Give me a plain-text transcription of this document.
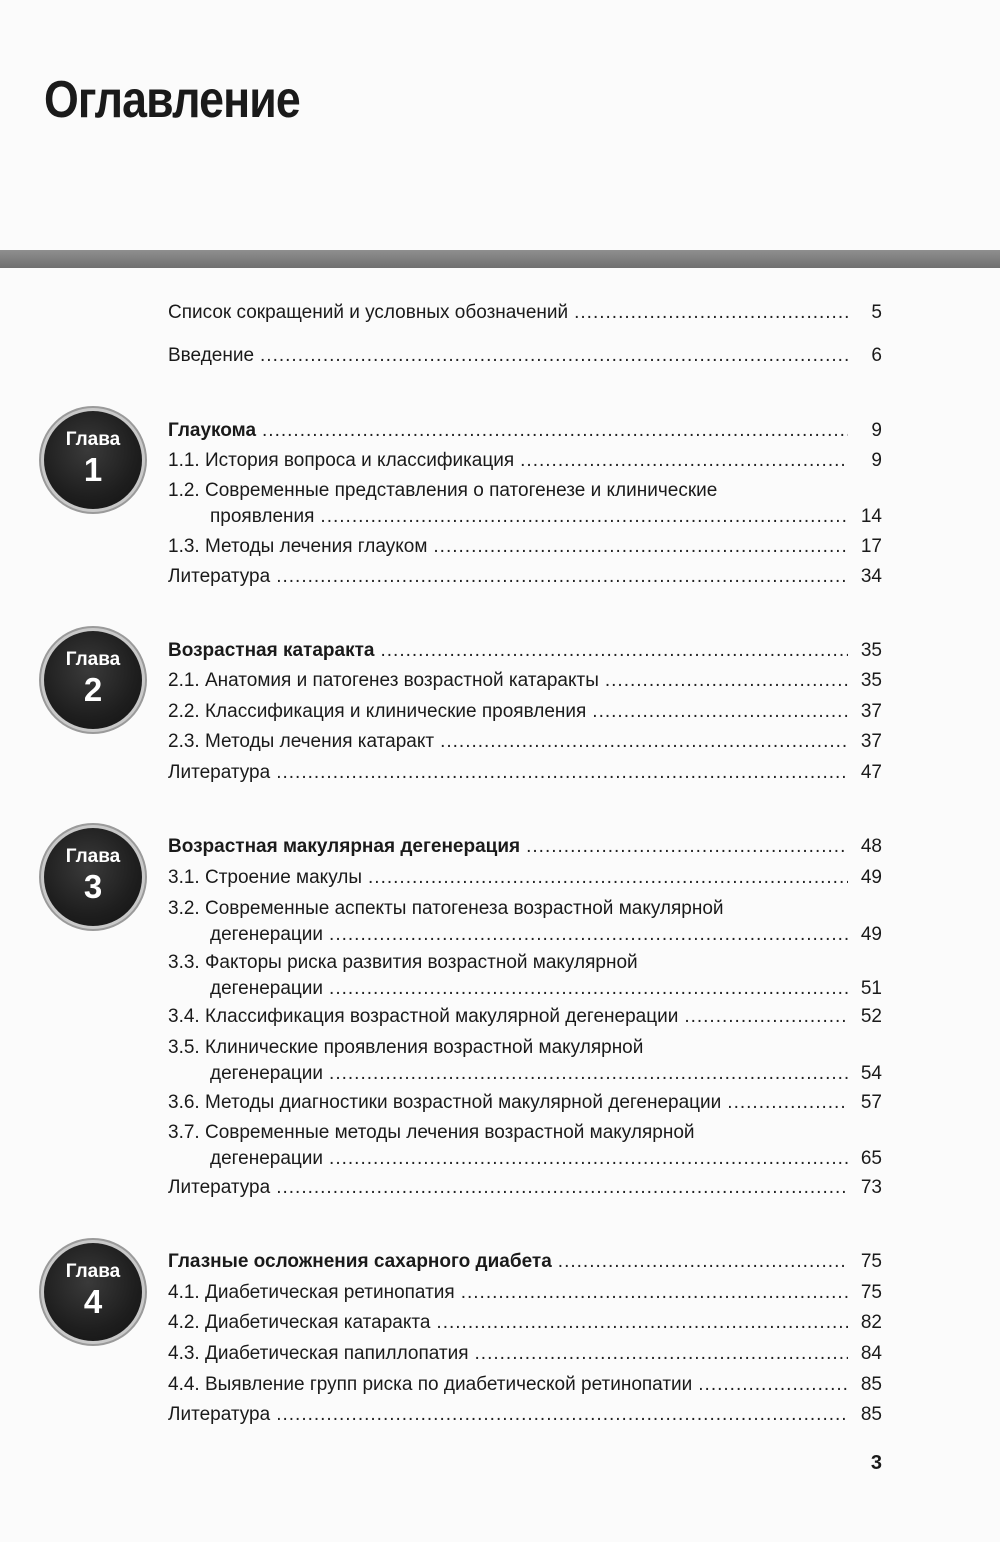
Оглавление
Список сокращений и условных обозначений .....	5
Введение .....	6
Глаукома .....	9
1.1. История вопроса и классификация .....	9
1.2. Современные представления о патогенезе и клинические
проявления .....	14
1.3. Методы лечения глауком .....	17
Литература .....	34
Возрастная катаракта .....	35
2.1. Анатомия и патогенез возрастной катаракты .....	35
2.2. Классификация и клинические проявления .....	37
2.3. Методы лечения катаракт .....	37
Литература .....	47
Возрастная макулярная дегенерация .....	48
3.1. Строение макулы .....	49
3.2. Современные аспекты патогенеза возрастной макулярной
дегенерации .....	49
3.3. Факторы риска развития возрастной макулярной
дегенерации .....	51
3.4. Классификация возрастной макулярной дегенерации .....	52
3.5. Клинические проявления возрастной макулярной
дегенерации .....	54
3.6. Методы диагностики возрастной макулярной дегенерации .....	57
3.7. Современные методы лечения возрастной макулярной
дегенерации .....	65
Литература .....	73
Глазные осложнения сахарного диабета .....	75
4.1. Диабетическая ретинопатия .....	75
4.2. Диабетическая катаракта .....	82
4.3. Диабетическая папиллопатия .....	84
4.4. Выявление групп риска по диабетической ретинопатии .....	85
Литература .....	85
Глава
1
Глава
2
Глава
3
Глава
4
3
